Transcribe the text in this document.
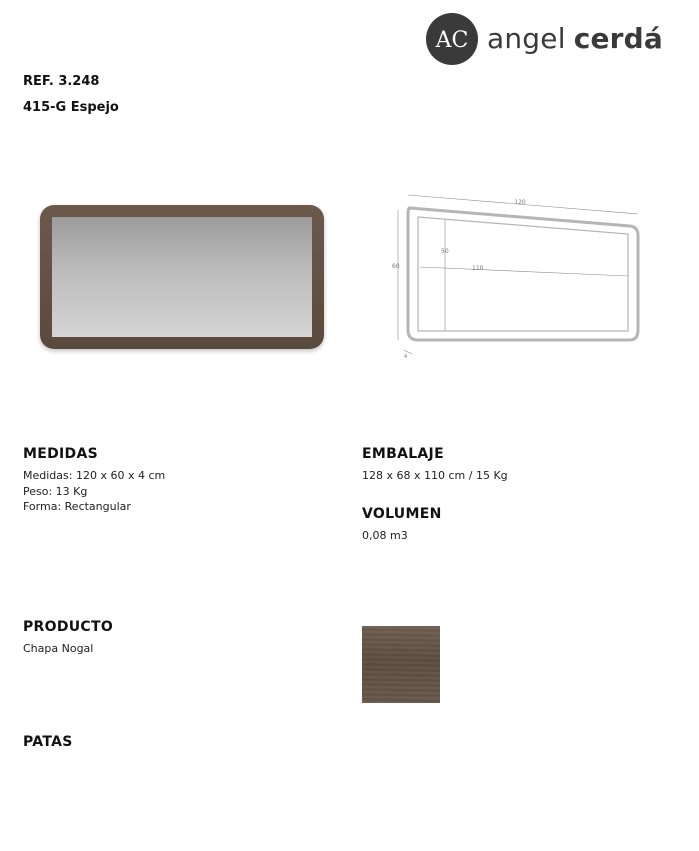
AC angel cerdá
REF. 3.248
415-G Espejo
120
60
50
110
4
MEDIDAS
Medidas: 120 x 60 x 4 cm
Peso: 13 Kg
Forma: Rectangular
EMBALAJE
128 x 68 x 110 cm / 15 Kg
VOLUMEN
0,08 m3
PRODUCTO
Chapa Nogal
PATAS
